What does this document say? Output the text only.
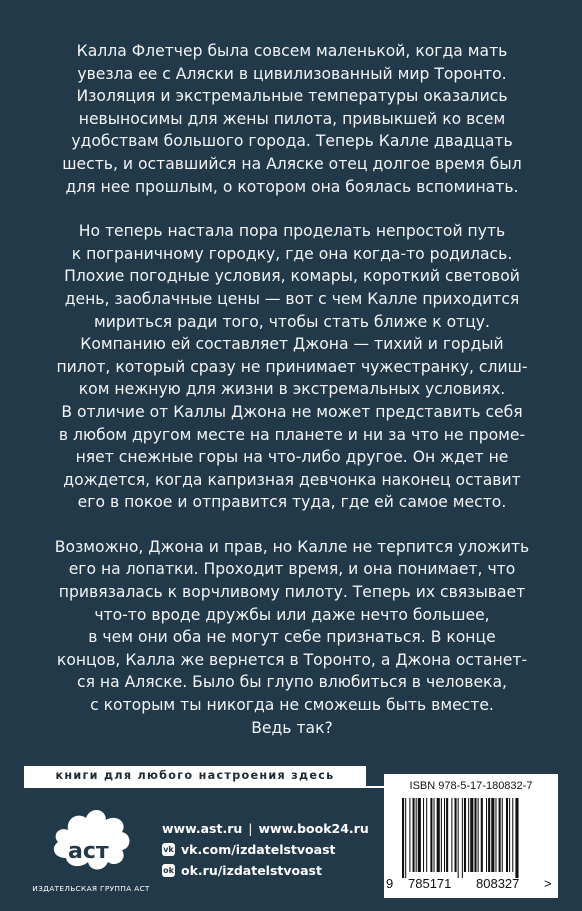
Калла Флетчер была совсем маленькой, когда мать
увезла ее с Аляски в цивилизованный мир Торонто.
Изоляция и экстремальные температуры оказались
невыносимы для жены пилота, привыкшей ко всем
удобствам большого города. Теперь Калле двадцать
шесть, и оставшийся на Аляске отец долгое время был
для нее прошлым, о котором она боялась вспоминать.
Но теперь настала пора проделать непростой путь
к пограничному городку, где она когда-то родилась.
Плохие погодные условия, комары, короткий световой
день, заоблачные цены — вот с чем Калле приходится
мириться ради того, чтобы стать ближе к отцу.
Компанию ей составляет Джона — тихий и гордый
пилот, который сразу не принимает чужестранку, слиш-
ком нежную для жизни в экстремальных условиях.
В отличие от Каллы Джона не может представить себя
в любом другом месте на планете и ни за что не проме-
няет снежные горы на что-либо другое. Он ждет не
дождется, когда капризная девчонка наконец оставит
его в покое и отправится туда, где ей самое место.
Возможно, Джона и прав, но Калле не терпится уложить
его на лопатки. Проходит время, и она понимает, что
привязалась к ворчливому пилоту. Теперь их связывает
что-то вроде дружбы или даже нечто большее,
в чем они оба не могут себе признаться. В конце
концов, Калла же вернется в Торонто, а Джона останет-
ся на Аляске. Было бы глупо влюбиться в человека,
с которым ты никогда не сможешь быть вместе.
Ведь так?
книги для любого настроения здесь
аст
ИЗДАТЕЛЬСКАЯ ГРУППА АСТ
www.ast.ru | www.book24.ru
vk vk.com/izdatelstvoast
ok ok.ru/izdatelstvoast
ISBN 978-5-17-180832-7
9 785171 808327 >
